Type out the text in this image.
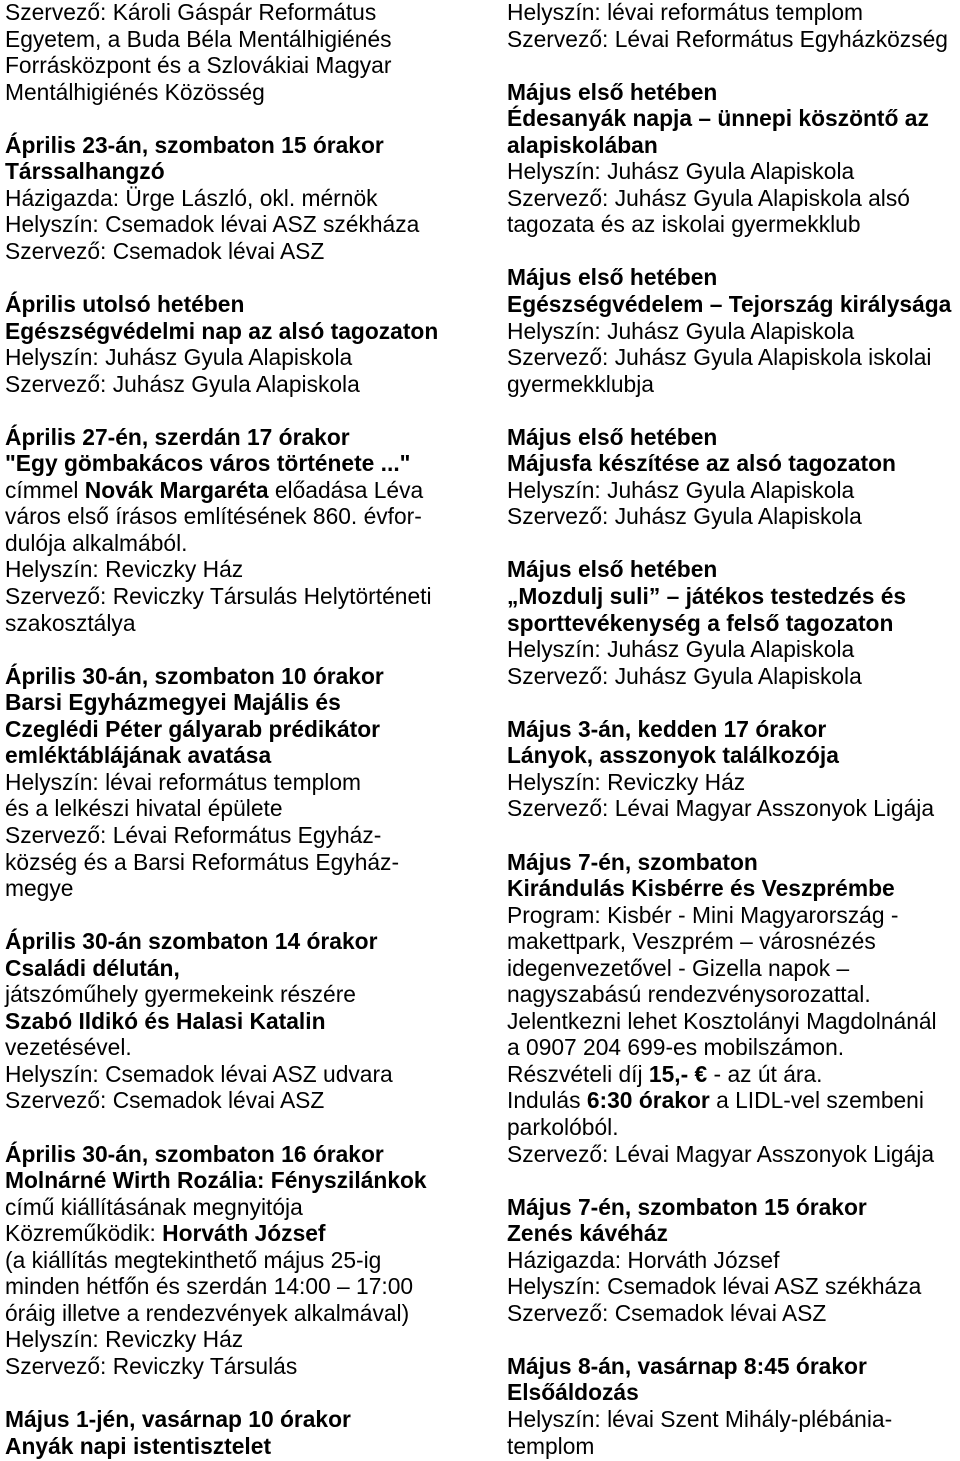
Szervező: Károli Gáspár Református
Egyetem, a Buda Béla Mentálhigiénés
Forrásközpont és a Szlovákiai Magyar
Mentálhigiénés Közösség
Április 23-án, szombaton 15 órakor
Társsalhangzó
Házigazda: Ürge László, okl. mérnök
Helyszín: Csemadok lévai ASZ székháza
Szervező: Csemadok lévai ASZ
Április utolsó hetében
Egészségvédelmi nap az alsó tagozaton
Helyszín: Juhász Gyula Alapiskola
Szervező: Juhász Gyula Alapiskola
Április 27-én, szerdán 17 órakor
"Egy gömbakácos város története ..."
címmel Novák Margaréta előadása Léva
város első írásos említésének 860. évfor-
dulója alkalmából.
Helyszín: Reviczky Ház
Szervező: Reviczky Társulás Helytörténeti
szakosztálya
Április 30-án, szombaton 10 órakor
Barsi Egyházmegyei Majális és
Czeglédi Péter gályarab prédikátor
emléktáblájának avatása
Helyszín: lévai református templom
és a lelkészi hivatal épülete
Szervező: Lévai Református Egyház-
község és a Barsi Református Egyház-
megye
Április 30-án szombaton 14 órakor
Családi délután,
játszóműhely gyermekeink részére
Szabó Ildikó és Halasi Katalin
vezetésével.
Helyszín: Csemadok lévai ASZ udvara
Szervező: Csemadok lévai ASZ
Április 30-án, szombaton 16 órakor
Molnárné Wirth Rozália: Fényszilánkok
című kiállításának megnyitója
Közreműködik: Horváth József
(a kiállítás megtekinthető május 25-ig
minden hétfőn és szerdán 14:00 – 17:00
óráig illetve a rendezvények alkalmával)
Helyszín: Reviczky Ház
Szervező: Reviczky Társulás
Május 1-jén, vasárnap 10 órakor
Anyák napi istentisztelet
Helyszín: lévai református templom
Szervező: Lévai Református Egyházközség
Május első hetében
Édesanyák napja – ünnepi köszöntő az
alapiskolában
Helyszín: Juhász Gyula Alapiskola
Szervező: Juhász Gyula Alapiskola alsó
tagozata és az iskolai gyermekklub
Május első hetében
Egészségvédelem – Tejország királysága
Helyszín: Juhász Gyula Alapiskola
Szervező: Juhász Gyula Alapiskola iskolai
gyermekklubja
Május első hetében
Májusfa készítése az alsó tagozaton
Helyszín: Juhász Gyula Alapiskola
Szervező: Juhász Gyula Alapiskola
Május első hetében
„Mozdulj suli” – játékos testedzés és
sporttevékenység a felső tagozaton
Helyszín: Juhász Gyula Alapiskola
Szervező: Juhász Gyula Alapiskola
Május 3-án, kedden 17 órakor
Lányok, asszonyok találkozója
Helyszín: Reviczky Ház
Szervező: Lévai Magyar Asszonyok Ligája
Május 7-én, szombaton
Kirándulás Kisbérre és Veszprémbe
Program: Kisbér - Mini Magyarország -
makettpark, Veszprém – városnézés
idegenvezetővel - Gizella napok –
nagyszabású rendezvénysorozattal.
Jelentkezni lehet Kosztolányi Magdolnánál
a 0907 204 699-es mobilszámon.
Részvételi díj 15,- € - az út ára.
Indulás 6:30 órakor a LIDL-vel szembeni
parkolóból.
Szervező: Lévai Magyar Asszonyok Ligája
Május 7-én, szombaton 15 órakor
Zenés kávéház
Házigazda: Horváth József
Helyszín: Csemadok lévai ASZ székháza
Szervező: Csemadok lévai ASZ
Május 8-án, vasárnap 8:45 órakor
Elsőáldozás
Helyszín: lévai Szent Mihály-plébánia-
templom
